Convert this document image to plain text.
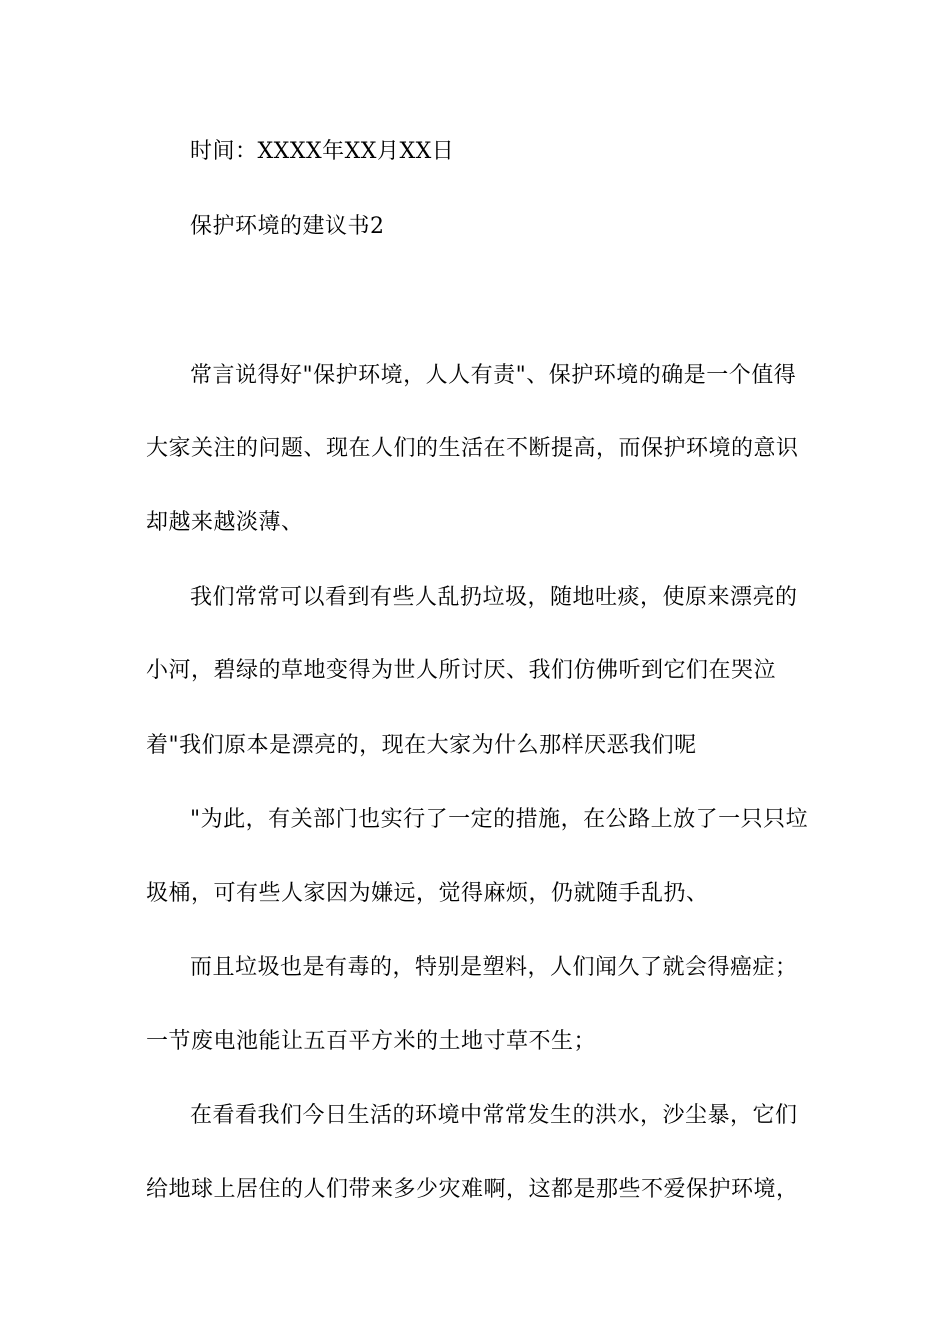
时间：XXXX年XX月XX日
保护环境的建议书2
常言说得好"保护环境，人人有责"、保护环境的确是一个值得
大家关注的问题、现在人们的生活在不断提高，而保护环境的意识
却越来越淡薄、
我们常常可以看到有些人乱扔垃圾，随地吐痰，使原来漂亮的
小河，碧绿的草地变得为世人所讨厌、我们仿佛听到它们在哭泣
着"我们原本是漂亮的，现在大家为什么那样厌恶我们呢
"为此，有关部门也实行了一定的措施，在公路上放了一只只垃
圾桶，可有些人家因为嫌远，觉得麻烦，仍就随手乱扔、
而且垃圾也是有毒的，特别是塑料，人们闻久了就会得癌症；
一节废电池能让五百平方米的土地寸草不生；
在看看我们今日生活的环境中常常发生的洪水，沙尘暴，它们
给地球上居住的人们带来多少灾难啊，这都是那些不爱保护环境，
